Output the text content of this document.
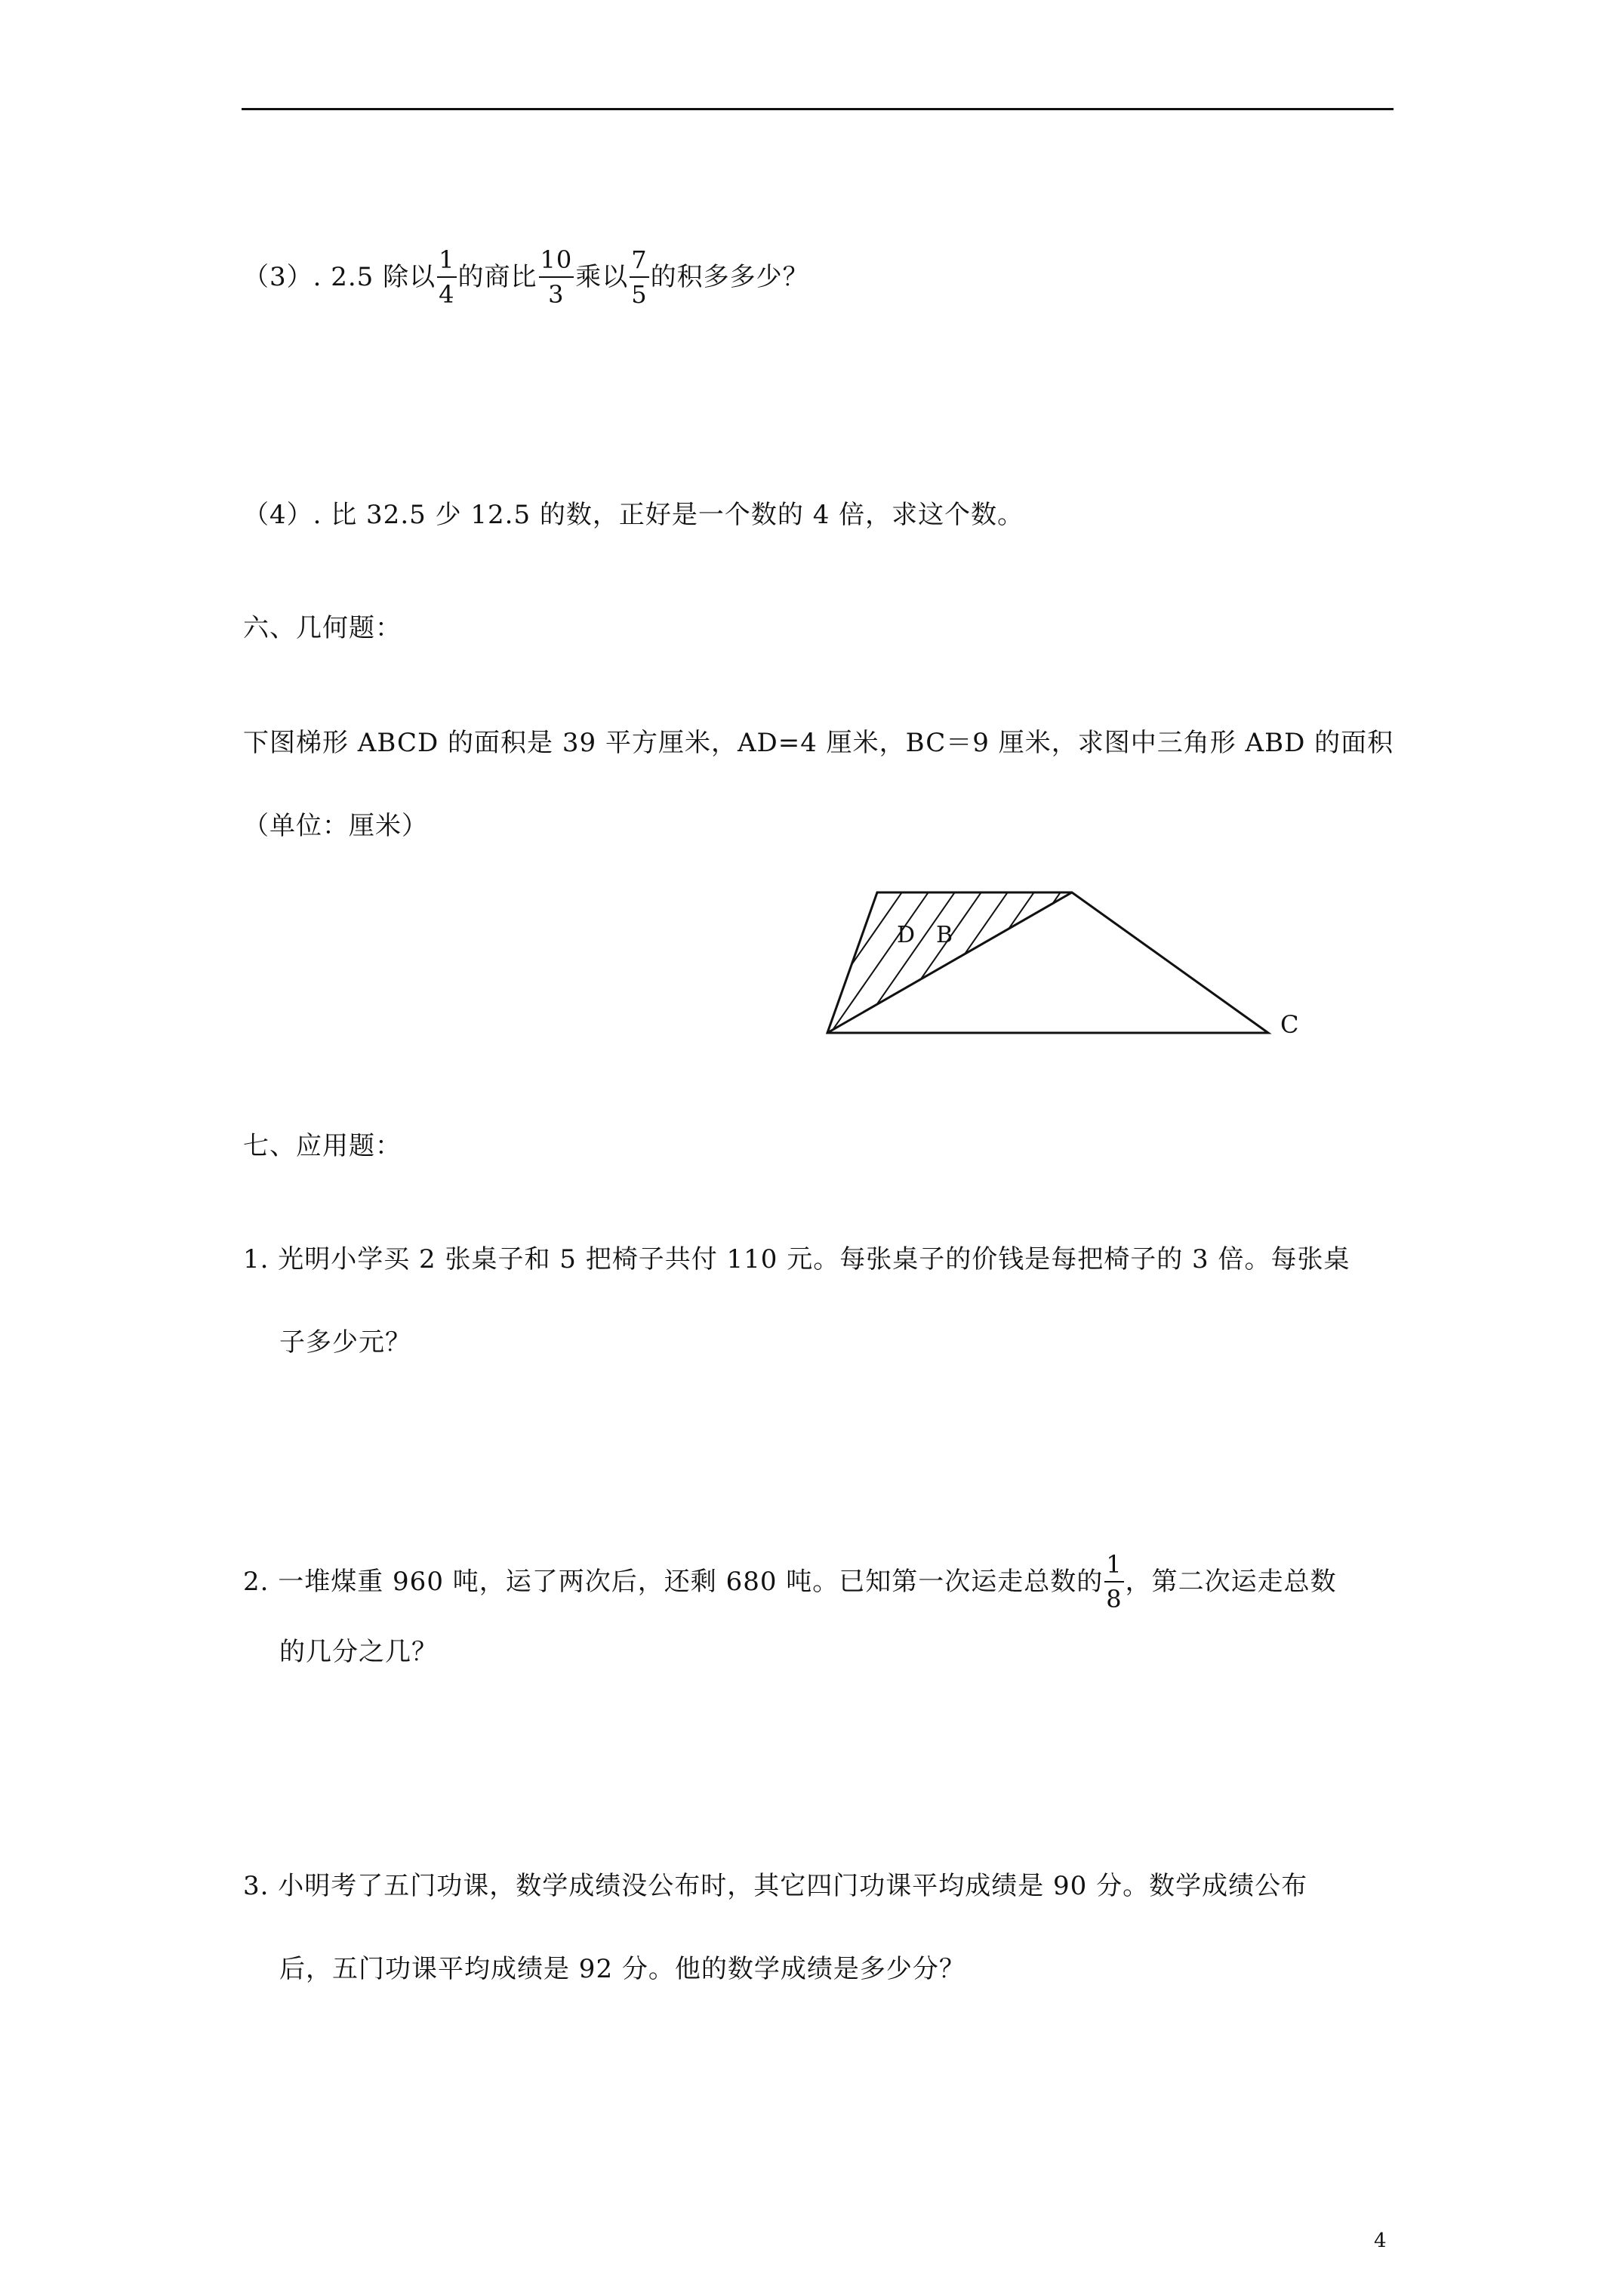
（3）. 2.5 除以 $\frac{1}{4}$ 的商比 $\frac{10}{3}$ 乘以 $\frac{7}{5}$ 的积多多少？
（4）. 比 32.5 少 12.5 的数，正好是一个数的 4 倍，求这个数。
六、几何题：
下图梯形 ABCD 的面积是 39 平方厘米，AD=4 厘米，BC＝9 厘米，求图中三角形 ABD 的面积
（单位：厘米）
D B
C
七、应用题：
1. 光明小学买 2 张桌子和 5 把椅子共付 110 元。每张桌子的价钱是每把椅子的 3 倍。每张桌
子多少元？
2. 一堆煤重 960 吨，运了两次后，还剩 680 吨。已知第一次运走总数的 $\frac{1}{8}$ ，第二次运走总数
的几分之几？
3. 小明考了五门功课，数学成绩没公布时，其它四门功课平均成绩是 90 分。数学成绩公布
后，五门功课平均成绩是 92 分。他的数学成绩是多少分？
4
